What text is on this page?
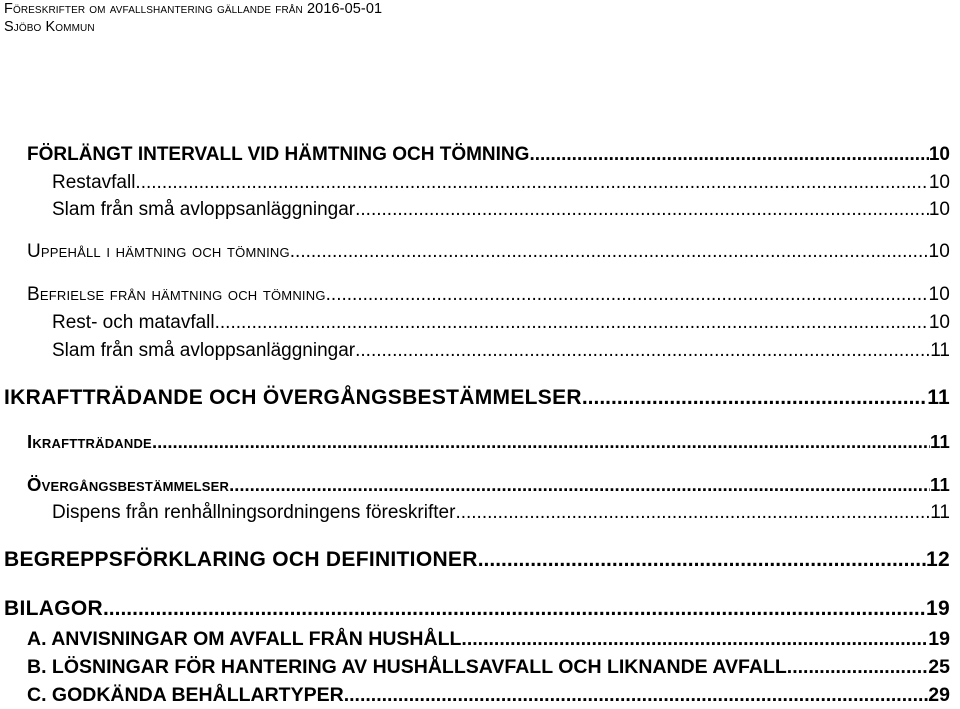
Föreskrifter om avfallshantering gällande från 2016-05-01
Sjöbo Kommun
FÖRLÄNGT INTERVALL VID HÄMTNING OCH TÖMNING .....	10
Restavfall .....	10
Slam från små avloppsanläggningar .....	10
Uppehåll i hämtning och tömning .....	10
Befrielse från hämtning och tömning .....	10
Rest- och matavfall .....	10
Slam från små avloppsanläggningar .....	11
IKRAFTTRÄDANDE OCH ÖVERGÅNGSBESTÄMMELSER .....	11
Ikraftträdande .....	11
Övergångsbestämmelser .....	11
Dispens från renhållningsordningens föreskrifter .....	11
BEGREPPSFÖRKLARING OCH DEFINITIONER .....	12
BILAGOR .....	19
A. ANVISNINGAR OM AVFALL FRÅN HUSHÅLL .....	19
B. LÖSNINGAR FÖR HANTERING AV HUSHÅLLSAVFALL OCH LIKNANDE AVFALL .....	25
C. GODKÄNDA BEHÅLLARTYPER .....	29
